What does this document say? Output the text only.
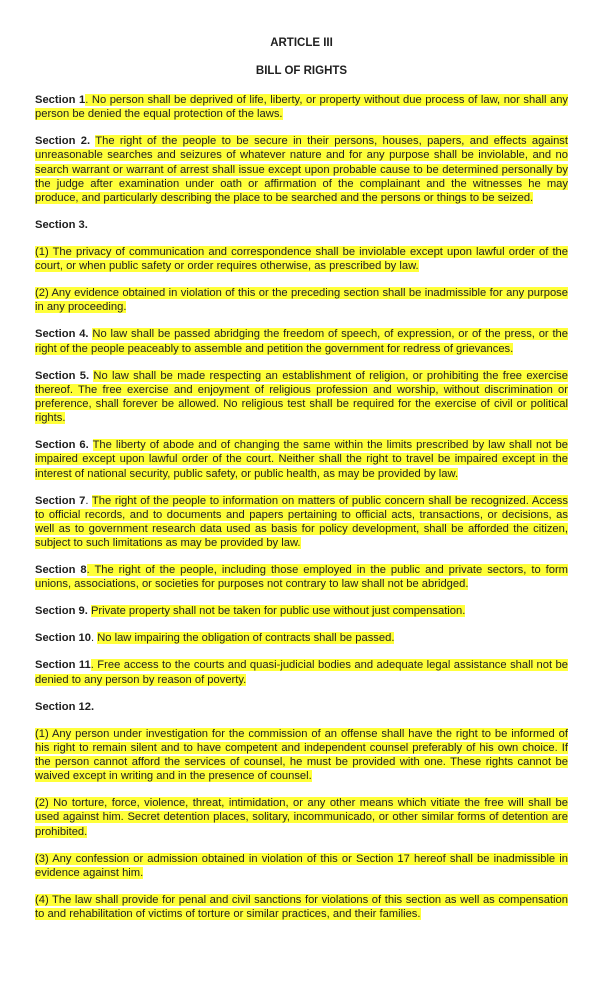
ARTICLE III

BILL OF RIGHTS

Section 1. No person shall be deprived of life, liberty, or property without due process of law, nor shall any person be denied the equal protection of the laws.

Section 2. The right of the people to be secure in their persons, houses, papers, and effects against unreasonable searches and seizures of whatever nature and for any purpose shall be inviolable, and no search warrant or warrant of arrest shall issue except upon probable cause to be determined personally by the judge after examination under oath or affirmation of the complainant and the witnesses he may produce, and particularly describing the place to be searched and the persons or things to be seized.

Section 3.

(1) The privacy of communication and correspondence shall be inviolable except upon lawful order of the court, or when public safety or order requires otherwise, as prescribed by law.

(2) Any evidence obtained in violation of this or the preceding section shall be inadmissible for any purpose in any proceeding.

Section 4. No law shall be passed abridging the freedom of speech, of expression, or of the press, or the right of the people peaceably to assemble and petition the government for redress of grievances.

Section 5. No law shall be made respecting an establishment of religion, or prohibiting the free exercise thereof. The free exercise and enjoyment of religious profession and worship, without discrimination or preference, shall forever be allowed. No religious test shall be required for the exercise of civil or political rights.

Section 6. The liberty of abode and of changing the same within the limits prescribed by law shall not be impaired except upon lawful order of the court. Neither shall the right to travel be impaired except in the interest of national security, public safety, or public health, as may be provided by law.

Section 7. The right of the people to information on matters of public concern shall be recognized. Access to official records, and to documents and papers pertaining to official acts, transactions, or decisions, as well as to government research data used as basis for policy development, shall be afforded the citizen, subject to such limitations as may be provided by law.

Section 8. The right of the people, including those employed in the public and private sectors, to form unions, associations, or societies for purposes not contrary to law shall not be abridged.

Section 9. Private property shall not be taken for public use without just compensation.

Section 10. No law impairing the obligation of contracts shall be passed.

Section 11. Free access to the courts and quasi-judicial bodies and adequate legal assistance shall not be denied to any person by reason of poverty.

Section 12.

(1) Any person under investigation for the commission of an offense shall have the right to be informed of his right to remain silent and to have competent and independent counsel preferably of his own choice. If the person cannot afford the services of counsel, he must be provided with one. These rights cannot be waived except in writing and in the presence of counsel.

(2) No torture, force, violence, threat, intimidation, or any other means which vitiate the free will shall be used against him. Secret detention places, solitary, incommunicado, or other similar forms of detention are prohibited.

(3) Any confession or admission obtained in violation of this or Section 17 hereof shall be inadmissible in evidence against him.

(4) The law shall provide for penal and civil sanctions for violations of this section as well as compensation to and rehabilitation of victims of torture or similar practices, and their families.
